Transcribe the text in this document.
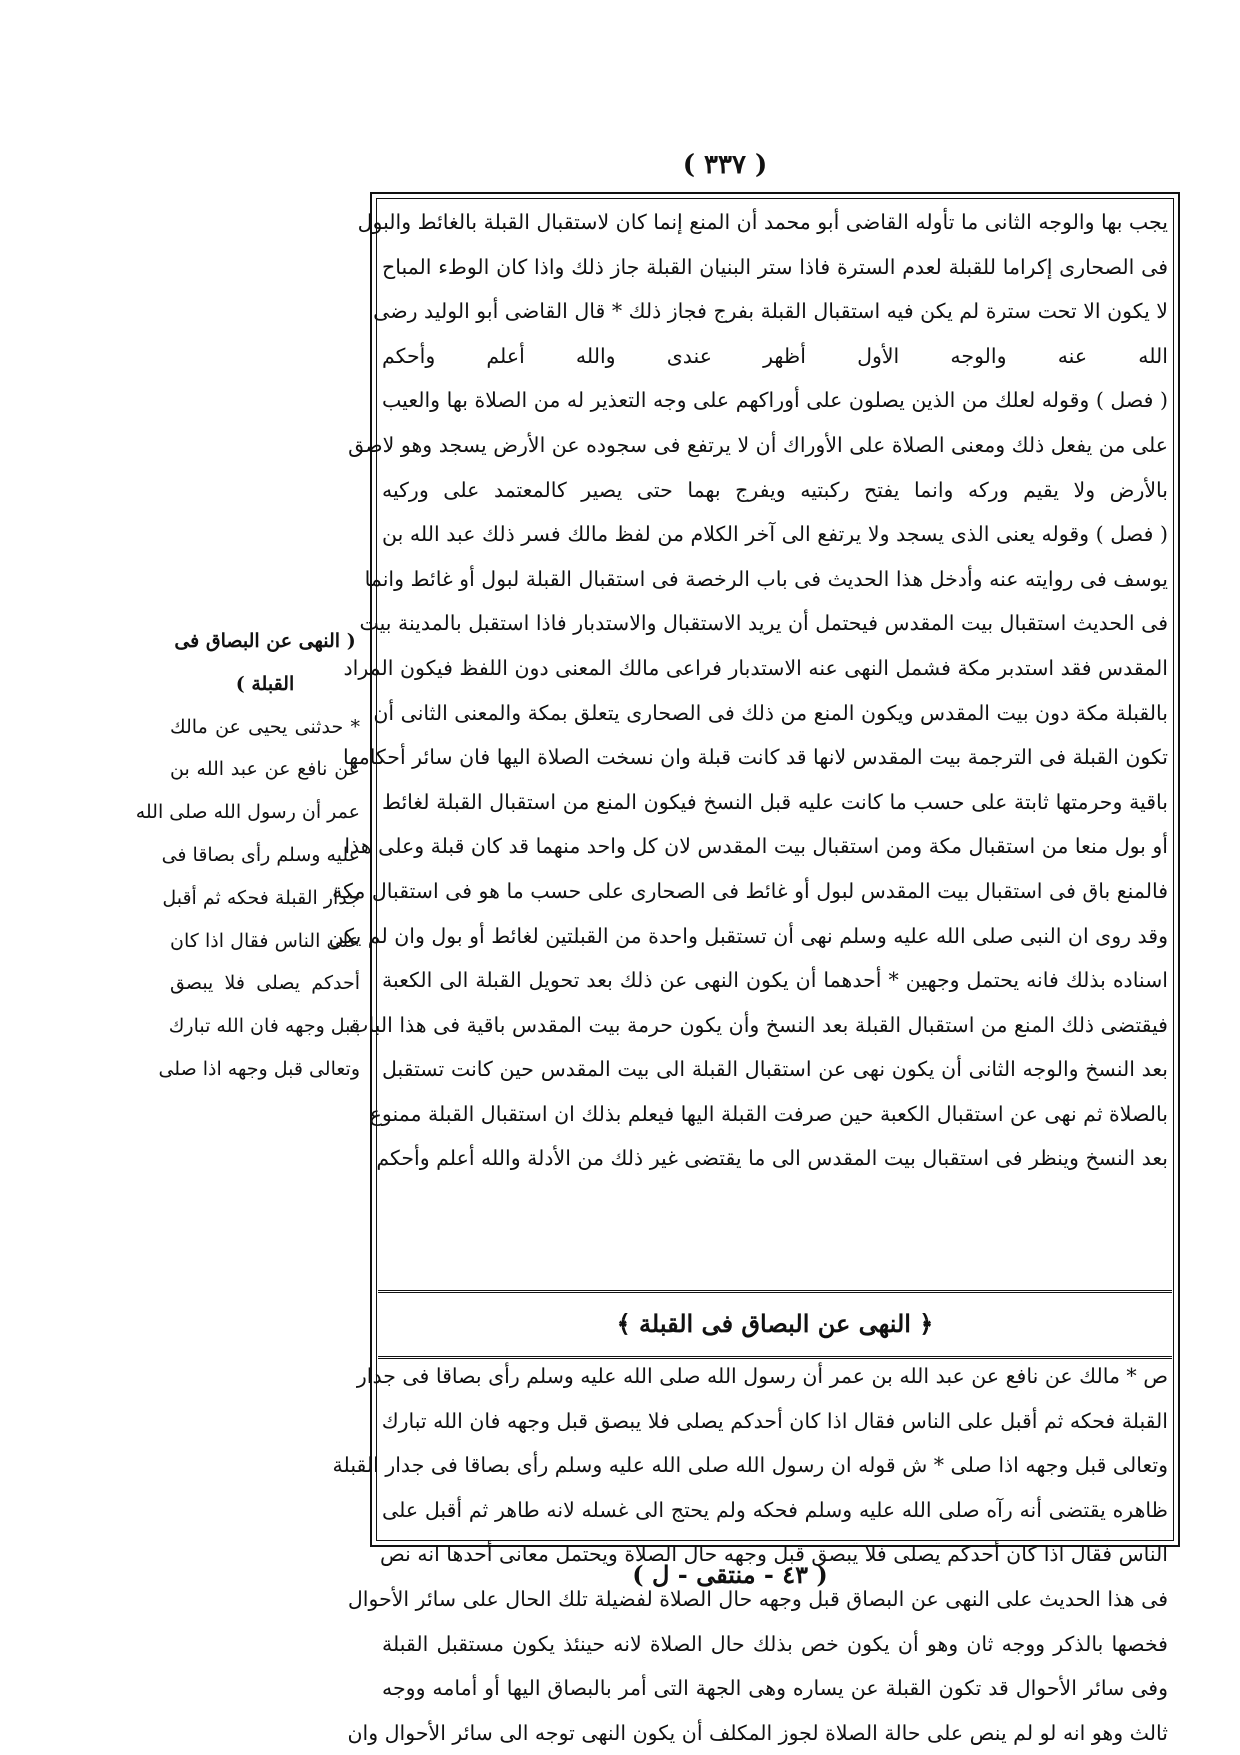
( ٣٣٧ )
يجب بها والوجه الثانى ما تأوله القاضى أبو محمد أن المنع إنما كان لاستقبال القبلة بالغائط والبول
فى الصحارى إكراما للقبلة لعدم السترة فاذا ستر البنيان القبلة جاز ذلك واذا كان الوطء المباح
لا يكون الا تحت سترة لم يكن فيه استقبال القبلة بفرج فجاز ذلك * قال القاضى أبو الوليد رضى
الله عنه والوجه الأول أظهر عندى والله أعلم وأحكم
( فصل ) وقوله لعلك من الذين يصلون على أوراكهم على وجه التعذير له من الصلاة بها والعيب
على من يفعل ذلك ومعنى الصلاة على الأوراك أن لا يرتفع فى سجوده عن الأرض يسجد وهو لاصق
بالأرض ولا يقيم وركه وانما يفتح ركبتيه ويفرج بهما حتى يصير كالمعتمد على وركيه
( فصل ) وقوله يعنى الذى يسجد ولا يرتفع الى آخر الكلام من لفظ مالك فسر ذلك عبد الله بن
يوسف فى روايته عنه وأدخل هذا الحديث فى باب الرخصة فى استقبال القبلة لبول أو غائط وانما
فى الحديث استقبال بيت المقدس فيحتمل أن يريد الاستقبال والاستدبار فاذا استقبل بالمدينة بيت
المقدس فقد استدبر مكة فشمل النهى عنه الاستدبار فراعى مالك المعنى دون اللفظ فيكون المراد
بالقبلة مكة دون بيت المقدس ويكون المنع من ذلك فى الصحارى يتعلق بمكة والمعنى الثانى أن
تكون القبلة فى الترجمة بيت المقدس لانها قد كانت قبلة وان نسخت الصلاة اليها فان سائر أحكامها
باقية وحرمتها ثابتة على حسب ما كانت عليه قبل النسخ فيكون المنع من استقبال القبلة لغائط
أو بول منعا من استقبال مكة ومن استقبال بيت المقدس لان كل واحد منهما قد كان قبلة وعلى هذا
فالمنع باق فى استقبال بيت المقدس لبول أو غائط فى الصحارى على حسب ما هو فى استقبال مكة
وقد روى ان النبى صلى الله عليه وسلم نهى أن تستقبل واحدة من القبلتين لغائط أو بول وان لم يكن
اسناده بذلك فانه يحتمل وجهين * أحدهما أن يكون النهى عن ذلك بعد تحويل القبلة الى الكعبة
فيقتضى ذلك المنع من استقبال القبلة بعد النسخ وأن يكون حرمة بيت المقدس باقية فى هذا الباب
بعد النسخ والوجه الثانى أن يكون نهى عن استقبال القبلة الى بيت المقدس حين كانت تستقبل
بالصلاة ثم نهى عن استقبال الكعبة حين صرفت القبلة اليها فيعلم بذلك ان استقبال القبلة ممنوع
بعد النسخ وينظر فى استقبال بيت المقدس الى ما يقتضى غير ذلك من الأدلة والله أعلم وأحكم
﴿ النهى عن البصاق فى القبلة ﴾
ص * مالك عن نافع عن عبد الله بن عمر أن رسول الله صلى الله عليه وسلم رأى بصاقا فى جدار
القبلة فحكه ثم أقبل على الناس فقال اذا كان أحدكم يصلى فلا يبصق قبل وجهه فان الله تبارك
وتعالى قبل وجهه اذا صلى * ش قوله ان رسول الله صلى الله عليه وسلم رأى بصاقا فى جدار القبلة
ظاهره يقتضى أنه رآه صلى الله عليه وسلم فحكه ولم يحتج الى غسله لانه طاهر ثم أقبل على
الناس فقال اذا كان أحدكم يصلى فلا يبصق قبل وجهه حال الصلاة ويحتمل معانى أحدها انه نص
فى هذا الحديث على النهى عن البصاق قبل وجهه حال الصلاة لفضيلة تلك الحال على سائر الأحوال
فخصها بالذكر ووجه ثان وهو أن يكون خص بذلك حال الصلاة لانه حينئذ يكون مستقبل القبلة
وفى سائر الأحوال قد تكون القبلة عن يساره وهى الجهة التى أمر بالبصاق اليها أو أمامه ووجه
ثالث وهو انه لو لم ينص على حالة الصلاة لجوز المكلف أن يكون النهى توجه الى سائر الأحوال وان
( النهى عن البصاق فى
القبلة )
* حدثنى يحيى عن مالك
عن نافع عن عبد الله بن
عمر أن رسول الله صلى الله
عليه وسلم رأى بصاقا فى
جدار القبلة فحكه ثم أقبل
على الناس فقال اذا كان
أحدكم يصلى فلا يبصق
قبل وجهه فان الله تبارك
وتعالى قبل وجهه اذا صلى
( ٤٣ - منتقى - ل )
